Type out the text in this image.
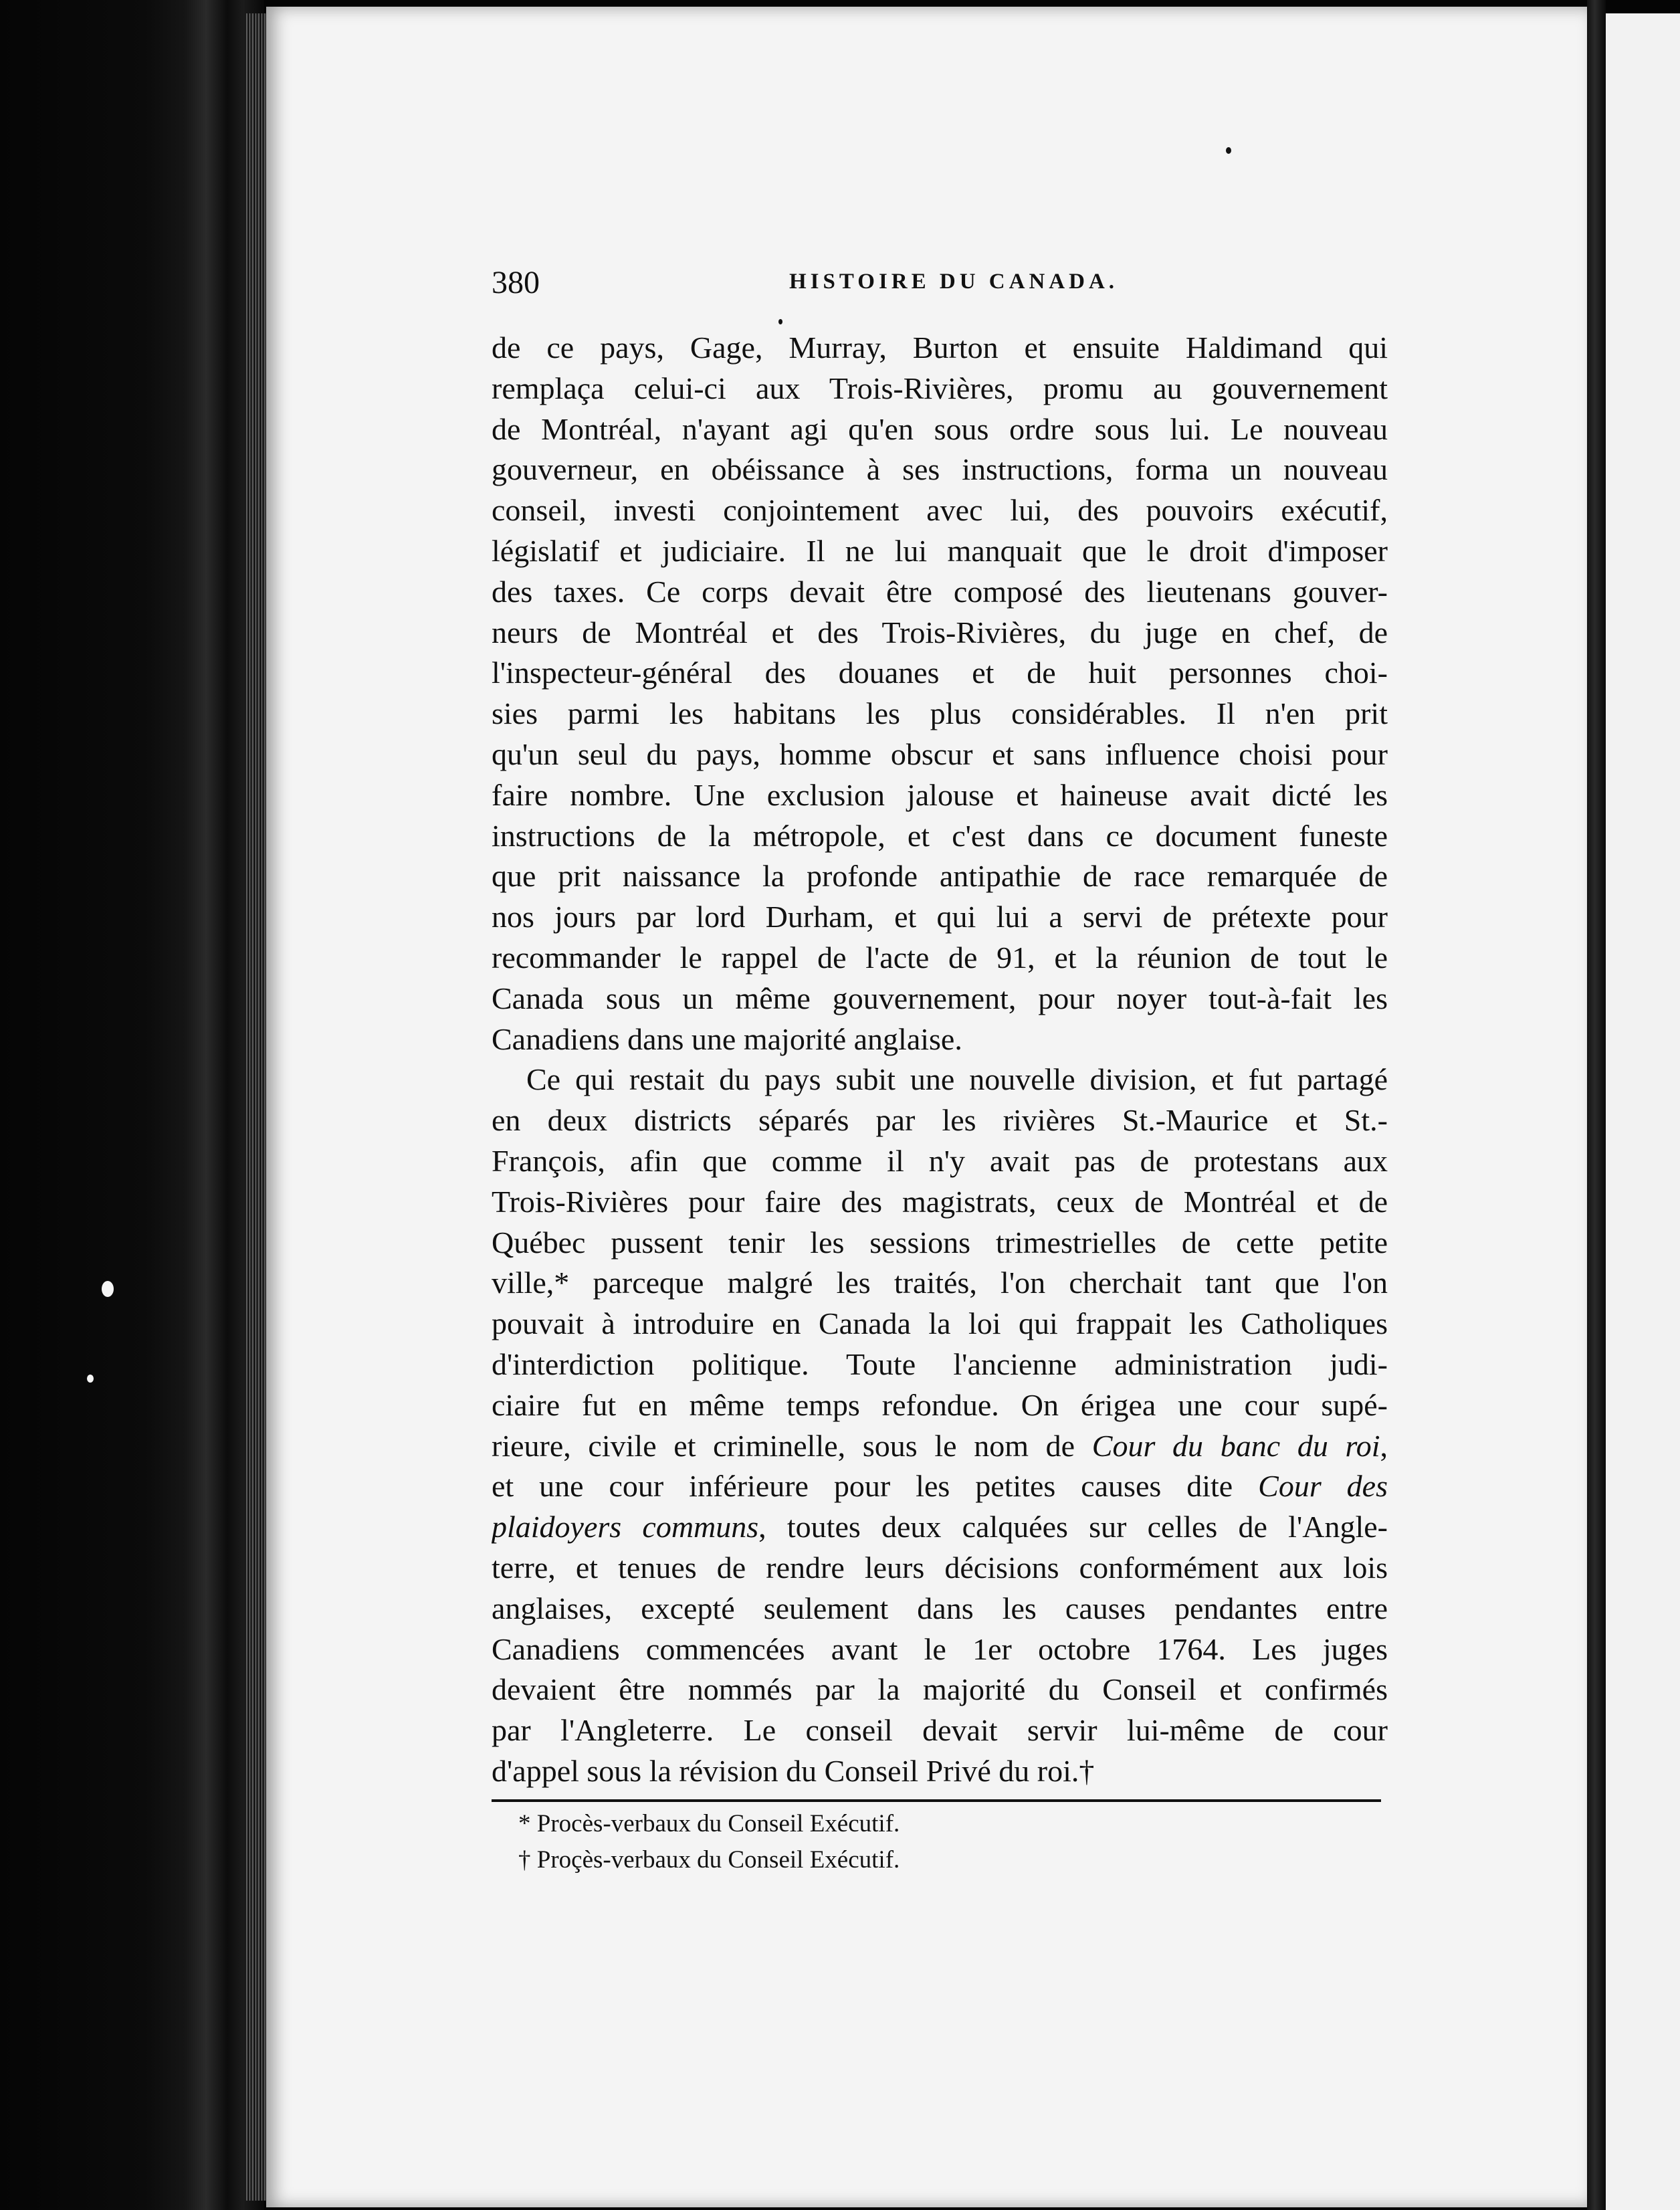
380	HISTOIRE DU CANADA.
de ce pays, Gage, Murray, Burton et ensuite Haldimand qui
remplaça celui-ci aux Trois-Rivières, promu au gouvernement
de Montréal, n'ayant agi qu'en sous ordre sous lui. Le nouveau
gouverneur, en obéissance à ses instructions, forma un nouveau
conseil, investi conjointement avec lui, des pouvoirs exécutif,
législatif et judiciaire. Il ne lui manquait que le droit d'imposer
des taxes. Ce corps devait être composé des lieutenans gouver-
neurs de Montréal et des Trois-Rivières, du juge en chef, de
l'inspecteur-général des douanes et de huit personnes choi-
sies parmi les habitans les plus considérables. Il n'en prit
qu'un seul du pays, homme obscur et sans influence choisi pour
faire nombre. Une exclusion jalouse et haineuse avait dicté les
instructions de la métropole, et c'est dans ce document funeste
que prit naissance la profonde antipathie de race remarquée de
nos jours par lord Durham, et qui lui a servi de prétexte pour
recommander le rappel de l'acte de 91, et la réunion de tout le
Canada sous un même gouvernement, pour noyer tout-à-fait les
Canadiens dans une majorité anglaise.
Ce qui restait du pays subit une nouvelle division, et fut partagé
en deux districts séparés par les rivières St.-Maurice et St.-
François, afin que comme il n'y avait pas de protestans aux
Trois-Rivières pour faire des magistrats, ceux de Montréal et de
Québec pussent tenir les sessions trimestrielles de cette petite
ville,* parceque malgré les traités, l'on cherchait tant que l'on
pouvait à introduire en Canada la loi qui frappait les Catholiques
d'interdiction politique. Toute l'ancienne administration judi-
ciaire fut en même temps refondue. On érigea une cour supé-
rieure, civile et criminelle, sous le nom de Cour du banc du roi,
et une cour inférieure pour les petites causes dite Cour des
plaidoyers communs, toutes deux calquées sur celles de l'Angle-
terre, et tenues de rendre leurs décisions conformément aux lois
anglaises, excepté seulement dans les causes pendantes entre
Canadiens commencées avant le 1er octobre 1764. Les juges
devaient être nommés par la majorité du Conseil et confirmés
par l'Angleterre. Le conseil devait servir lui-même de cour
d'appel sous la révision du Conseil Privé du roi.†
* Procès-verbaux du Conseil Exécutif.
† Proçès-verbaux du Conseil Exécutif.
